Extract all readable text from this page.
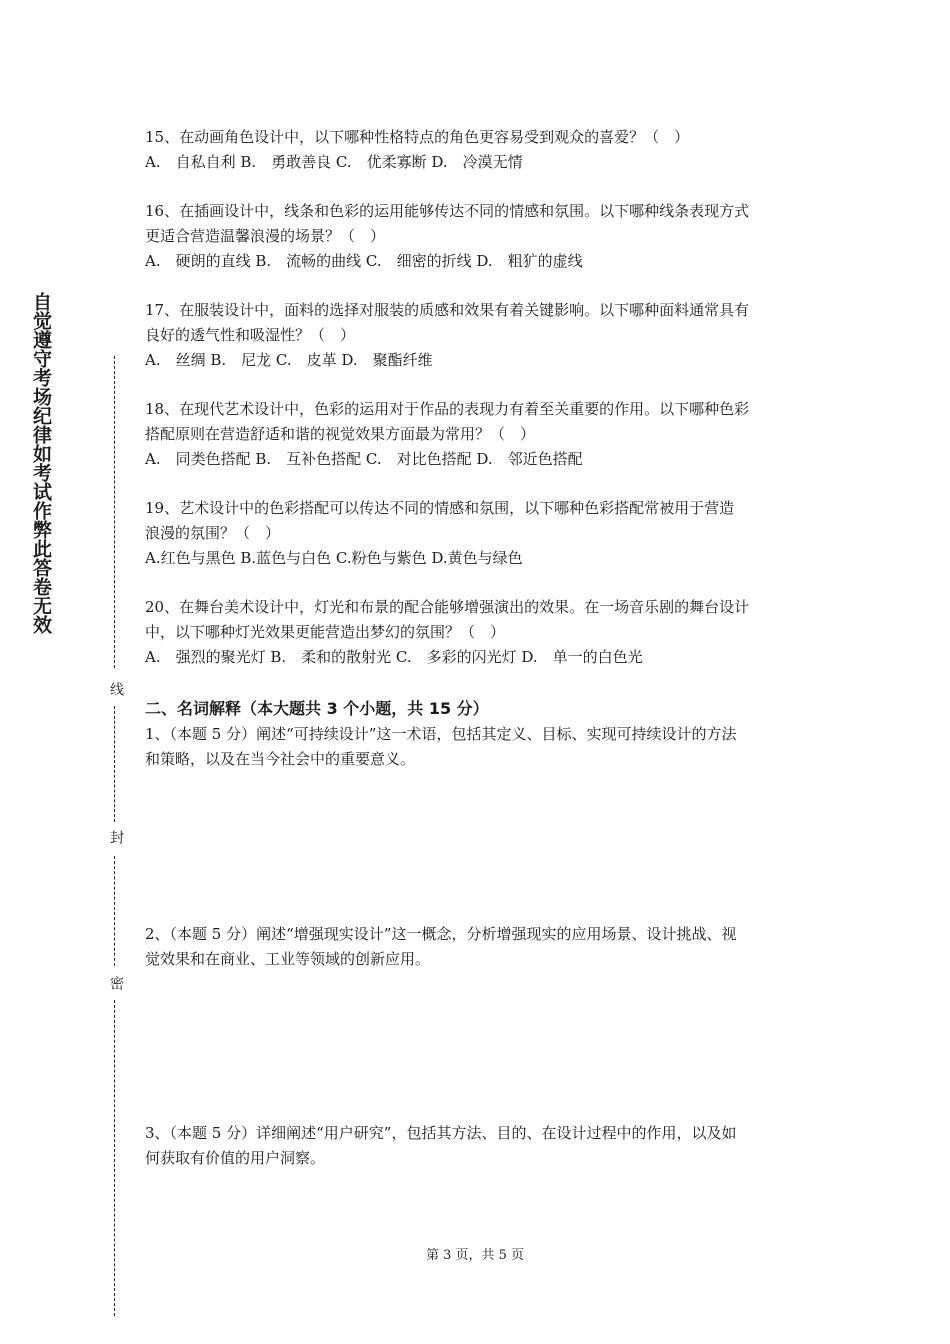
自觉遵守考场纪律如考试作弊此答卷无效
线
封
密

15、在动画角色设计中，以下哪种性格特点的角色更容易受到观众的喜爱？（　）

A.　自私自利 B.　勇敢善良 C.　优柔寡断 D.　冷漠无情

16、在插画设计中，线条和色彩的运用能够传达不同的情感和氛围。以下哪种线条表现方式

更适合营造温馨浪漫的场景？（　）

A.　硬朗的直线 B.　流畅的曲线 C.　细密的折线 D.　粗犷的虚线

17、在服装设计中，面料的选择对服装的质感和效果有着关键影响。以下哪种面料通常具有

良好的透气性和吸湿性？（　）

A.　丝绸 B.　尼龙 C.　皮革 D.　聚酯纤维

18、在现代艺术设计中，色彩的运用对于作品的表现力有着至关重要的作用。以下哪种色彩

搭配原则在营造舒适和谐的视觉效果方面最为常用？（　）

A.　同类色搭配 B.　互补色搭配 C.　对比色搭配 D.　邻近色搭配

19、艺术设计中的色彩搭配可以传达不同的情感和氛围，以下哪种色彩搭配常被用于营造

浪漫的氛围？（　）

A.红色与黑色 B.蓝色与白色 C.粉色与紫色 D.黄色与绿色

20、在舞台美术设计中，灯光和布景的配合能够增强演出的效果。在一场音乐剧的舞台设计

中，以下哪种灯光效果更能营造出梦幻的氛围？（　）

A.　强烈的聚光灯 B.　柔和的散射光 C.　多彩的闪光灯 D.　单一的白色光

二、名词解释（本大题共 3 个小题，共 15 分）

1、（本题 5 分）阐述“可持续设计”这一术语，包括其定义、目标、实现可持续设计的方法

和策略，以及在当今社会中的重要意义。

2、（本题 5 分）阐述“增强现实设计”这一概念，分析增强现实的应用场景、设计挑战、视

觉效果和在商业、工业等领域的创新应用。

3、（本题 5 分）详细阐述“用户研究”，包括其方法、目的、在设计过程中的作用，以及如

何获取有价值的用户洞察。

第 3 页，共 5 页
